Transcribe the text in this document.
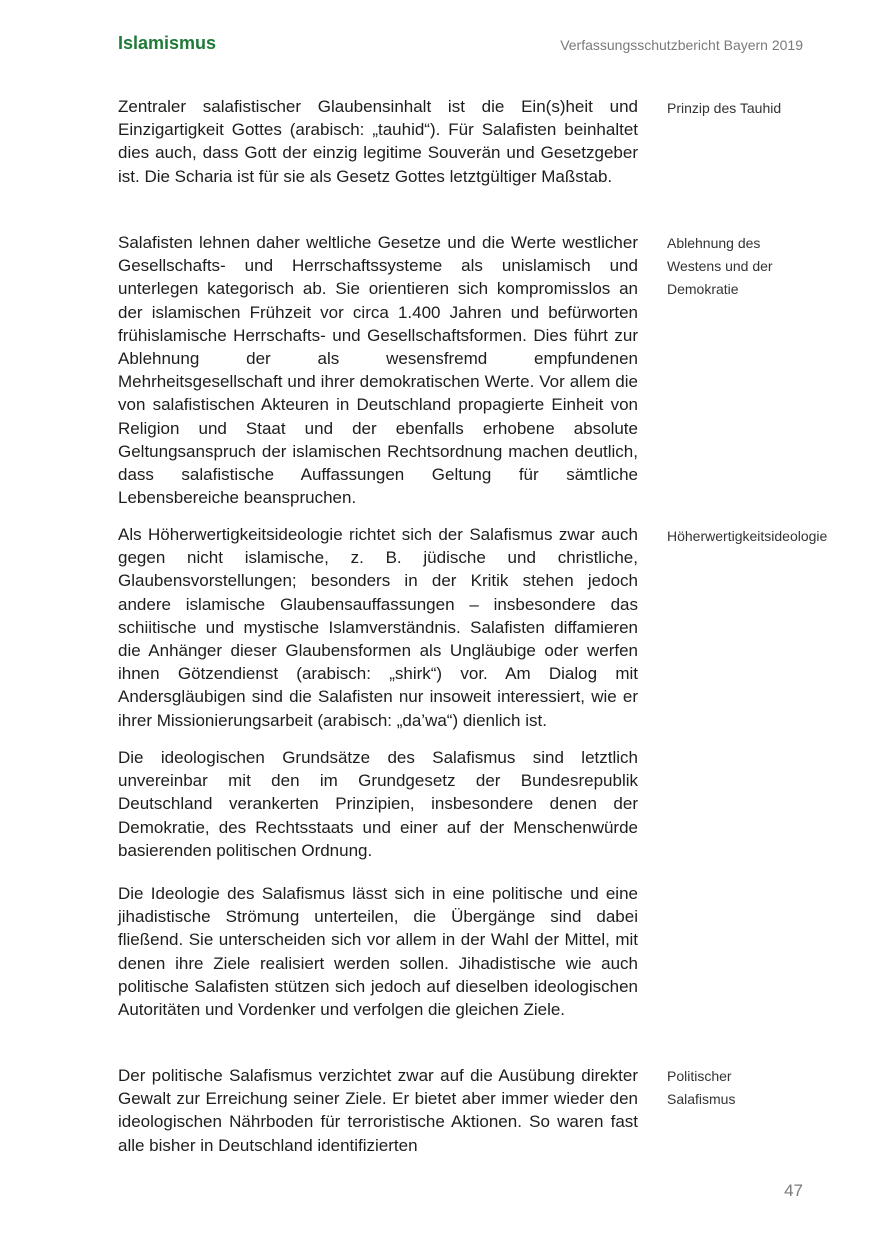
Islamismus	Verfassungsschutzbericht Bayern 2019

Zentraler salafistischer Glaubensinhalt ist die Ein(s)heit und Einzigartigkeit Gottes (arabisch: „tauhid“). Für Salafisten beinhaltet dies auch, dass Gott der einzig legitime Souverän und Gesetzgeber ist. Die Scharia ist für sie als Gesetz Gottes letztgültiger Maßstab.

Salafisten lehnen daher weltliche Gesetze und die Werte westlicher Gesellschafts- und Herrschaftssysteme als unislamisch und unterlegen kategorisch ab. Sie orientieren sich kompromisslos an der islamischen Frühzeit vor circa 1.400 Jahren und befürworten frühislamische Herrschafts- und Gesellschaftsformen. Dies führt zur Ablehnung der als wesensfremd empfundenen Mehrheitsgesellschaft und ihrer demokratischen Werte. Vor allem die von salafistischen Akteuren in Deutschland propagierte Einheit von Religion und Staat und der ebenfalls erhobene absolute Geltungsanspruch der islamischen Rechtsordnung machen deutlich, dass salafistische Auffassungen Geltung für sämtliche Lebensbereiche beanspruchen.

Als Höherwertigkeitsideologie richtet sich der Salafismus zwar auch gegen nicht islamische, z. B. jüdische und christliche, Glaubensvorstellungen; besonders in der Kritik stehen jedoch andere islamische Glaubensauffassungen – insbesondere das schiitische und mystische Islamverständnis. Salafisten diffamieren die Anhänger dieser Glaubensformen als Ungläubige oder werfen ihnen Götzendienst (arabisch: „shirk“) vor. Am Dialog mit Andersgläubigen sind die Salafisten nur insoweit interessiert, wie er ihrer Missionierungsarbeit (arabisch: „da’wa“) dienlich ist.

Die ideologischen Grundsätze des Salafismus sind letztlich unvereinbar mit den im Grundgesetz der Bundesrepublik Deutschland verankerten Prinzipien, insbesondere denen der Demokratie, des Rechtsstaats und einer auf der Menschenwürde basierenden politischen Ordnung.

Die Ideologie des Salafismus lässt sich in eine politische und eine jihadistische Strömung unterteilen, die Übergänge sind dabei fließend. Sie unterscheiden sich vor allem in der Wahl der Mittel, mit denen ihre Ziele realisiert werden sollen. Jihadistische wie auch politische Salafisten stützen sich jedoch auf dieselben ideologischen Autoritäten und Vordenker und verfolgen die gleichen Ziele.

Der politische Salafismus verzichtet zwar auf die Ausübung direkter Gewalt zur Erreichung seiner Ziele. Er bietet aber immer wieder den ideologischen Nährboden für terroristische Aktionen. So waren fast alle bisher in Deutschland identifizierten

Prinzip des Tauhid

Ablehnung des Westens und der Demokratie

Höherwertigkeitsideologie

Politischer Salafismus

47
